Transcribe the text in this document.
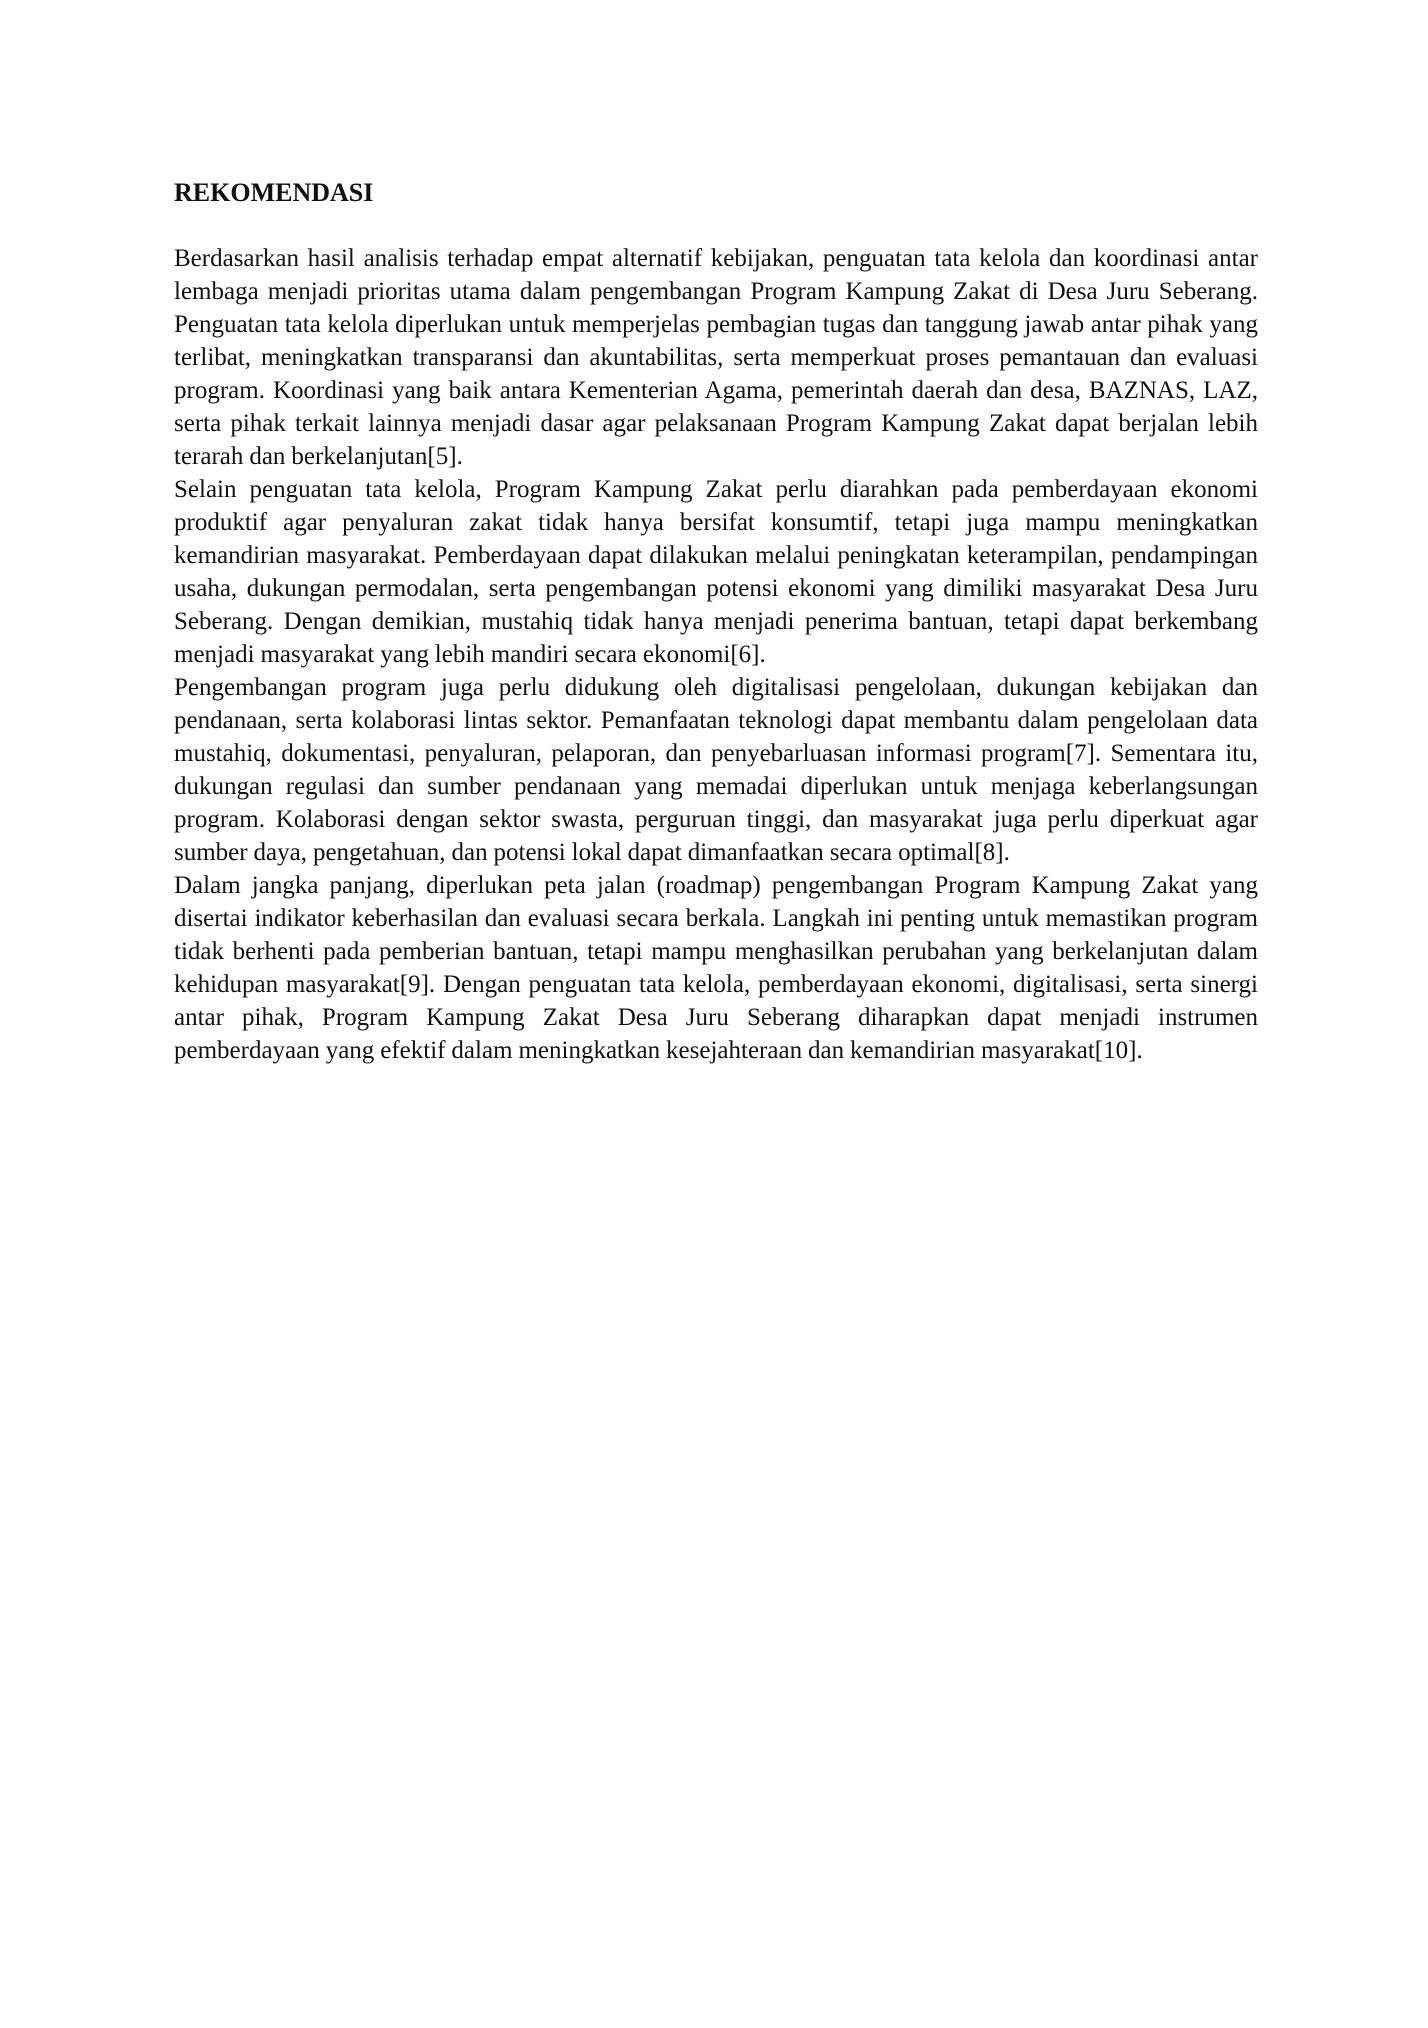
REKOMENDASI

Berdasarkan hasil analisis terhadap empat alternatif kebijakan, penguatan tata kelola dan koordinasi antar lembaga menjadi prioritas utama dalam pengembangan Program Kampung Zakat di Desa Juru Seberang. Penguatan tata kelola diperlukan untuk memperjelas pembagian tugas dan tanggung jawab antar pihak yang terlibat, meningkatkan transparansi dan akuntabilitas, serta memperkuat proses pemantauan dan evaluasi program. Koordinasi yang baik antara Kementerian Agama, pemerintah daerah dan desa, BAZNAS, LAZ, serta pihak terkait lainnya menjadi dasar agar pelaksanaan Program Kampung Zakat dapat berjalan lebih terarah dan berkelanjutan[5].

Selain penguatan tata kelola, Program Kampung Zakat perlu diarahkan pada pemberdayaan ekonomi produktif agar penyaluran zakat tidak hanya bersifat konsumtif, tetapi juga mampu meningkatkan kemandirian masyarakat. Pemberdayaan dapat dilakukan melalui peningkatan keterampilan, pendampingan usaha, dukungan permodalan, serta pengembangan potensi ekonomi yang dimiliki masyarakat Desa Juru Seberang. Dengan demikian, mustahiq tidak hanya menjadi penerima bantuan, tetapi dapat berkembang menjadi masyarakat yang lebih mandiri secara ekonomi[6].

Pengembangan program juga perlu didukung oleh digitalisasi pengelolaan, dukungan kebijakan dan pendanaan, serta kolaborasi lintas sektor. Pemanfaatan teknologi dapat membantu dalam pengelolaan data mustahiq, dokumentasi, penyaluran, pelaporan, dan penyebarluasan informasi program[7]. Sementara itu, dukungan regulasi dan sumber pendanaan yang memadai diperlukan untuk menjaga keberlangsungan program. Kolaborasi dengan sektor swasta, perguruan tinggi, dan masyarakat juga perlu diperkuat agar sumber daya, pengetahuan, dan potensi lokal dapat dimanfaatkan secara optimal[8].

Dalam jangka panjang, diperlukan peta jalan (roadmap) pengembangan Program Kampung Zakat yang disertai indikator keberhasilan dan evaluasi secara berkala. Langkah ini penting untuk memastikan program tidak berhenti pada pemberian bantuan, tetapi mampu menghasilkan perubahan yang berkelanjutan dalam kehidupan masyarakat[9]. Dengan penguatan tata kelola, pemberdayaan ekonomi, digitalisasi, serta sinergi antar pihak, Program Kampung Zakat Desa Juru Seberang diharapkan dapat menjadi instrumen pemberdayaan yang efektif dalam meningkatkan kesejahteraan dan kemandirian masyarakat[10].
